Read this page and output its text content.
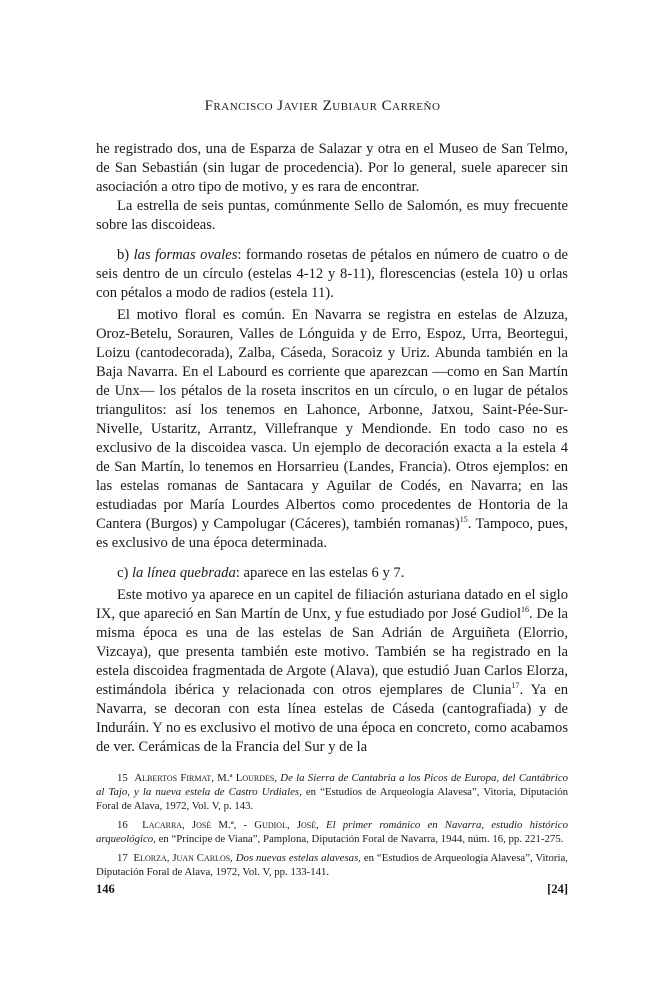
Francisco Javier Zubiaur Carreño

he registrado dos, una de Esparza de Salazar y otra en el Museo de San Telmo, de San Sebastián (sin lugar de procedencia). Por lo general, suele aparecer sin asociación a otro tipo de motivo, y es rara de encontrar.

La estrella de seis puntas, comúnmente Sello de Salomón, es muy frecuente sobre las discoideas.

b) las formas ovales: formando rosetas de pétalos en número de cuatro o de seis dentro de un círculo (estelas 4-12 y 8-11), florescencias (estela 10) u orlas con pétalos a modo de radios (estela 11).

El motivo floral es común. En Navarra se registra en estelas de Alzuza, Oroz-Betelu, Sorauren, Valles de Lónguida y de Erro, Espoz, Urra, Beortegui, Loizu (cantodecorada), Zalba, Cáseda, Soracoiz y Uriz. Abunda también en la Baja Navarra. En el Labourd es corriente que aparezcan —como en San Martín de Unx— los pétalos de la roseta inscritos en un círculo, o en lugar de pétalos triangulitos: así los tenemos en Lahonce, Arbonne, Jatxou, Saint-Pée-Sur-Nivelle, Ustaritz, Arrantz, Villefranque y Mendionde. En todo caso no es exclusivo de la discoidea vasca. Un ejemplo de decoración exacta a la estela 4 de San Martín, lo tenemos en Horsarrieu (Landes, Francia). Otros ejemplos: en las estelas romanas de Santacara y Aguilar de Codés, en Navarra; en las estudiadas por María Lourdes Albertos como procedentes de Hontoria de la Cantera (Burgos) y Campolugar (Cáceres), también romanas)$^{15}$. Tampoco, pues, es exclusivo de una época determinada.

c) la línea quebrada: aparece en las estelas 6 y 7.

Este motivo ya aparece en un capitel de filiación asturiana datado en el siglo IX, que apareció en San Martín de Unx, y fue estudiado por José Gudiol$^{16}$. De la misma época es una de las estelas de San Adrián de Arguiñeta (Elorrio, Vizcaya), que presenta también este motivo. También se ha registrado en la estela discoidea fragmentada de Argote (Alava), que estudió Juan Carlos Elorza, estimándola ibérica y relacionada con otros ejemplares de Clunia$^{17}$. Ya en Navarra, se decoran con esta línea estelas de Cáseda (cantografiada) y de Induráin. Y no es exclusivo el motivo de una época en concreto, como acabamos de ver. Cerámicas de la Francia del Sur y de la

15 Albertos Firmat, M.ª Lourdes, De la Sierra de Cantabria a los Picos de Europa, del Cantábrico al Tajo, y la nueva estela de Castro Urdiales, en “Estudios de Arqueología Alavesa”, Vitoria, Diputación Foral de Alava, 1972, Vol. V, p. 143.

16 Lacarra, José M.ª, - Gudiol, José, El primer románico en Navarra, estudio histórico arqueológico, en “Príncipe de Viana”, Pamplona, Diputación Foral de Navarra, 1944, núm. 16, pp. 221-275.

17 Elorza, Juan Carlos, Dos nuevas estelas alavesas, en “Estudios de Arqueología Alavesa”, Vitoria, Diputación Foral de Alava, 1972, Vol. V, pp. 133-141.

146	[24]
